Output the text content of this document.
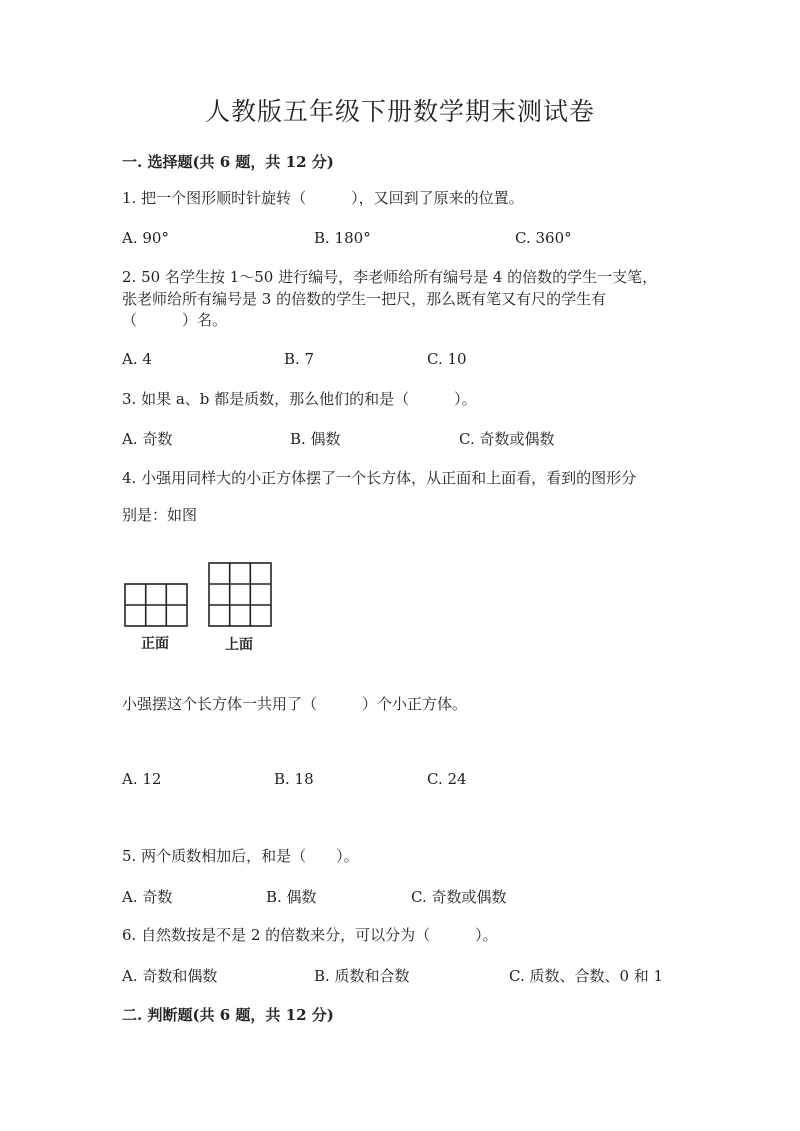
人教版五年级下册数学期末测试卷
一. 选择题(共 6 题，共 12 分)
1. 把一个图形顺时针旋转（　　　），又回到了原来的位置。
A. 90°	B. 180°	C. 360°
2. 50 名学生按 1～50 进行编号，李老师给所有编号是 4 的倍数的学生一支笔，
张老师给所有编号是 3 的倍数的学生一把尺，那么既有笔又有尺的学生有
（　　　）名。
A. 4	B. 7	C. 10
3. 如果 a、b 都是质数，那么他们的和是（　　　）。
A. 奇数	B. 偶数	C. 奇数或偶数
4. 小强用同样大的小正方体摆了一个长方体，从正面和上面看，看到的图形分
别是：如图
正面	上面
小强摆这个长方体一共用了（　　　）个小正方体。
A. 12	B. 18	C. 24
5. 两个质数相加后，和是（　　）。
A. 奇数	B. 偶数	C. 奇数或偶数
6. 自然数按是不是 2 的倍数来分，可以分为（　　　）。
A. 奇数和偶数	B. 质数和合数	C. 质数、合数、0 和 1
二. 判断题(共 6 题，共 12 分)
